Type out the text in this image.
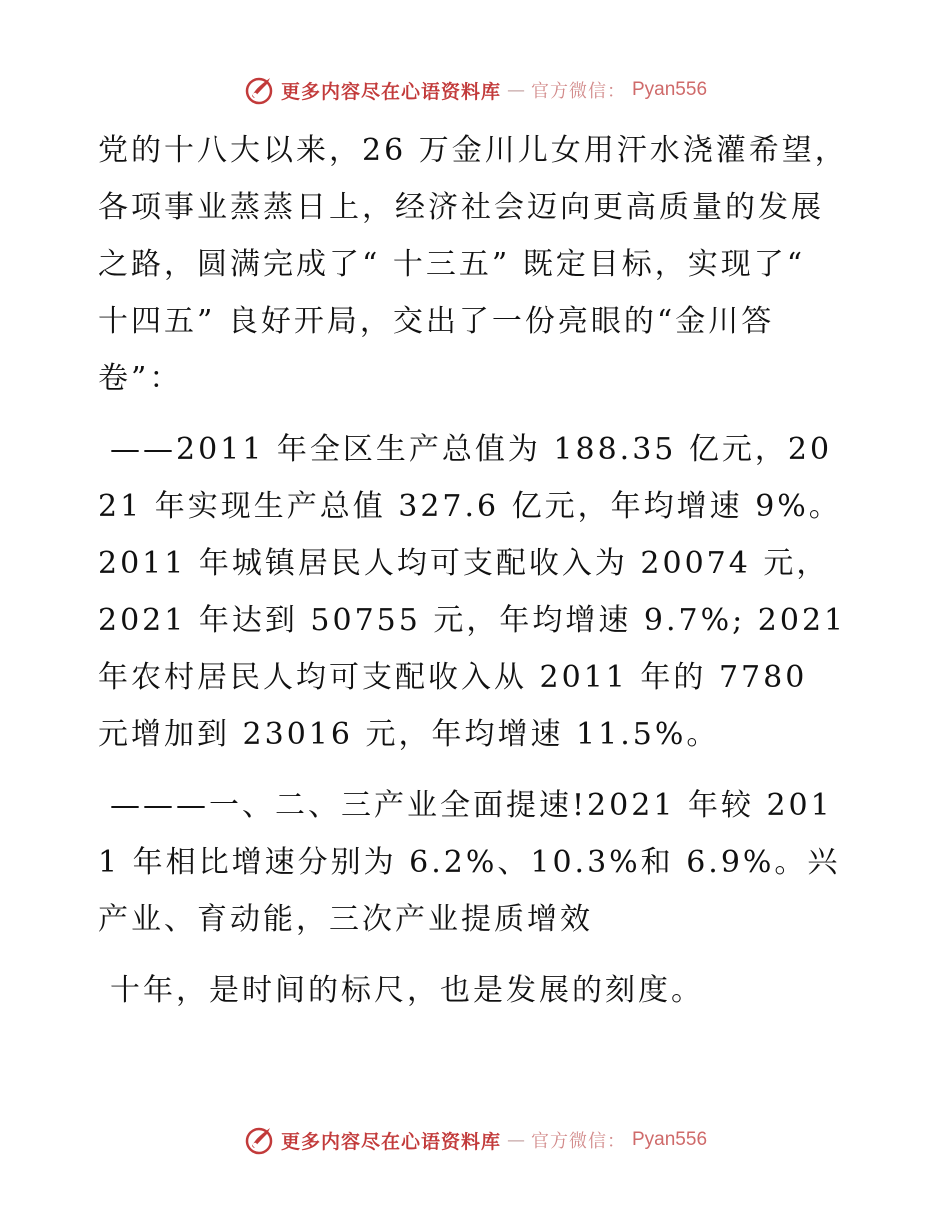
更多内容尽在心语资料库 — 官方微信： Pyan556

党的十八大以来，26 万金川儿女用汗水浇灌希望，各项事业蒸蒸日上，经济社会迈向更高质量的发展之路，圆满完成了“ 十三五” 既定目标，实现了“ 十四五” 良好开局，交出了一份亮眼的“金川答卷”：

——2011 年全区生产总值为 188.35 亿元，2021 年实现生产总值 327.6 亿元，年均增速 9%。2011 年城镇居民人均可支配收入为 20074 元，2021 年达到 50755 元，年均增速 9.7%; 2021 年农村居民人均可支配收入从 2011 年的 7780 元增加到 23016 元，年均增速 11.5%。

———一、二、三产业全面提速!2021 年较 2011 年相比增速分别为 6.2%、10.3%和 6.9%。兴产业、育动能，三次产业提质增效

十年，是时间的标尺，也是发展的刻度。

更多内容尽在心语资料库 — 官方微信： Pyan556
